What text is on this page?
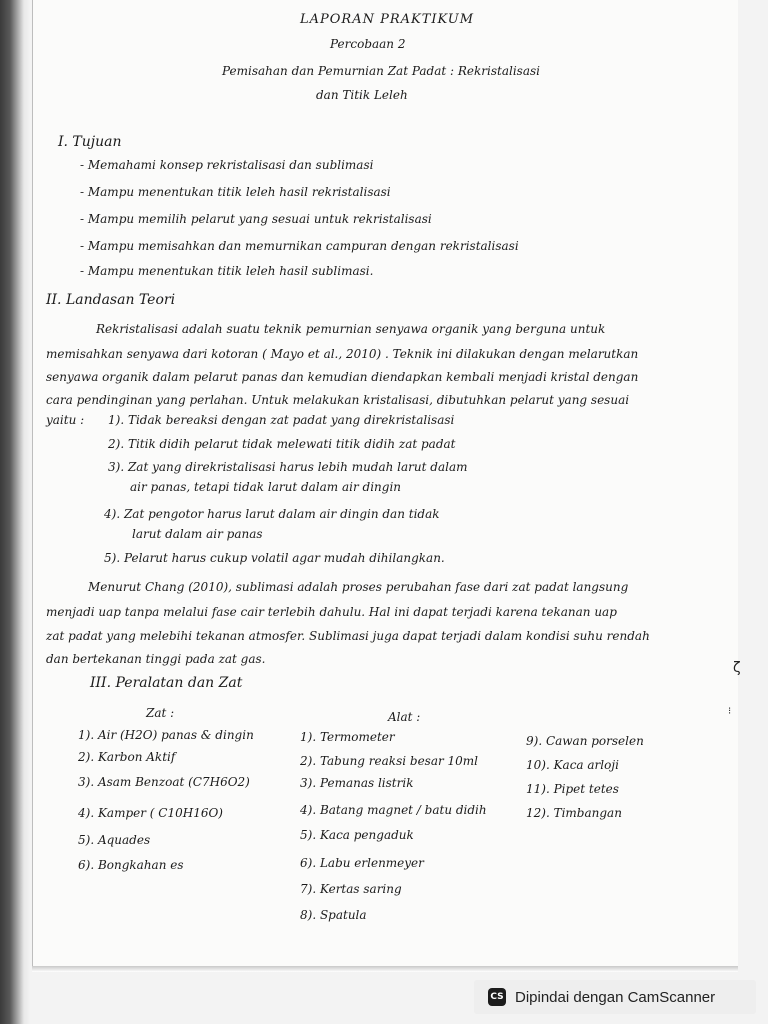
LAPORAN PRAKTIKUM
Percobaan 2
Pemisahan dan Pemurnian Zat Padat : Rekristalisasi
dan Titik Leleh
I. Tujuan
- Memahami konsep rekristalisasi dan sublimasi
- Mampu menentukan titik leleh hasil rekristalisasi
- Mampu memilih pelarut yang sesuai untuk rekristalisasi
- Mampu memisahkan dan memurnikan campuran dengan rekristalisasi
- Mampu menentukan titik leleh hasil sublimasi.
II. Landasan Teori
Rekristalisasi adalah suatu teknik pemurnian senyawa organik yang berguna untuk
memisahkan senyawa dari kotoran ( Mayo et al., 2010) . Teknik ini dilakukan dengan melarutkan
senyawa organik dalam pelarut panas dan kemudian diendapkan kembali menjadi kristal dengan
cara pendinginan yang perlahan. Untuk melakukan kristalisasi, dibutuhkan pelarut yang sesuai
yaitu : 1). Tidak bereaksi dengan zat padat yang direkristalisasi
2). Titik didih pelarut tidak melewati titik didih zat padat
3). Zat yang direkristalisasi harus lebih mudah larut dalam
air panas, tetapi tidak larut dalam air dingin
4). Zat pengotor harus larut dalam air dingin dan tidak
larut dalam air panas
5). Pelarut harus cukup volatil agar mudah dihilangkan.
Menurut Chang (2010), sublimasi adalah proses perubahan fase dari zat padat langsung
menjadi uap tanpa melalui fase cair terlebih dahulu. Hal ini dapat terjadi karena tekanan uap
zat padat yang melebihi tekanan atmosfer. Sublimasi juga dapat terjadi dalam kondisi suhu rendah
dan bertekanan tinggi pada zat gas.
ζ
⁝
III. Peralatan dan Zat
Zat :	Alat :
1). Air (H2O) panas & dingin
2). Karbon Aktif
3). Asam Benzoat (C7H6O2)
4). Kamper ( C10H16O)
5). Aquades
6). Bongkahan es
1). Termometer
2). Tabung reaksi besar 10ml
3). Pemanas listrik
4). Batang magnet / batu didih
5). Kaca pengaduk
6). Labu erlenmeyer
7). Kertas saring
8). Spatula
9). Cawan porselen
10). Kaca arloji
11). Pipet tetes
12). Timbangan
CS Dipindai dengan CamScanner
